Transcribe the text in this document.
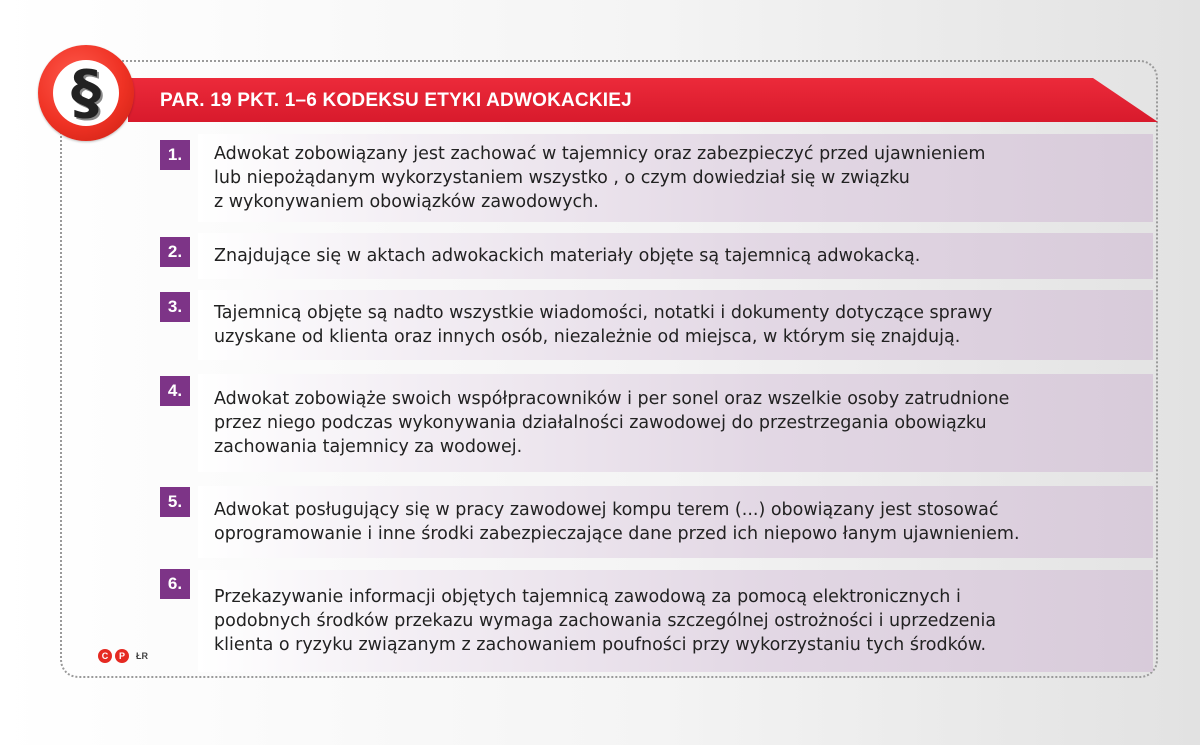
PAR. 19 PKT. 1–6 KODEKSU ETYKI ADWOKACKIEJ
§
1.	Adwokat zobowiązany jest zachować w tajemnicy oraz zabezpieczyć przed ujawnieniem
lub niepożądanym wykorzystaniem wszystko , o czym dowiedział się w związku
z wykonywaniem obowiązków zawodowych.
2.	Znajdujące się w aktach adwokackich materiały objęte są tajemnicą adwokacką.
3.	Tajemnicą objęte są nadto wszystkie wiadomości, notatki i dokumenty dotyczące sprawy
uzyskane od klienta oraz innych osób, niezależnie od miejsca, w którym się znajdują.
4.	Adwokat zobowiąże swoich współpracowników i per sonel oraz wszelkie osoby zatrudnione
przez niego podczas wykonywania działalności zawodowej do przestrzegania obowiązku
zachowania tajemnicy za wodowej.
5.	Adwokat posługujący się w pracy zawodowej kompu terem (...) obowiązany jest stosować
oprogramowanie i inne środki zabezpieczające dane przed ich niepowo łanym ujawnieniem.
6.
Przekazywanie informacji objętych tajemnicą zawodową za pomocą elektronicznych i
podobnych środków przekazu wymaga zachowania szczególnej ostrożności i uprzedzenia
klienta o ryzyku związanym z zachowaniem poufności przy wykorzystaniu tych środków.
C	P	ŁR
